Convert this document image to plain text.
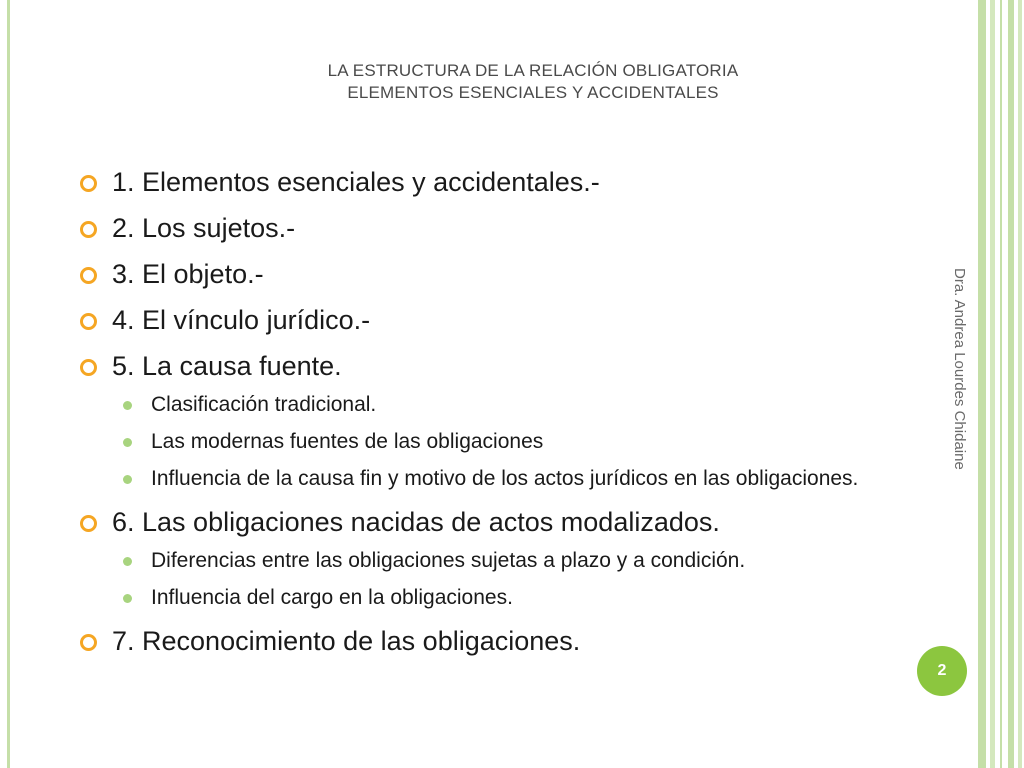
LA ESTRUCTURA DE LA RELACIÓN OBLIGATORIA
ELEMENTOS ESENCIALES Y ACCIDENTALES
1. Elementos esenciales y accidentales.-
2. Los sujetos.-
3. El objeto.-
4. El vínculo jurídico.-
5. La causa fuente.
Clasificación tradicional.
Las modernas fuentes de las obligaciones
Influencia de la causa fin y motivo de los actos jurídicos en las obligaciones.
6. Las obligaciones nacidas de actos modalizados.
Diferencias entre las obligaciones sujetas a plazo y a condición.
Influencia del cargo en la obligaciones.
7. Reconocimiento de las obligaciones.
Dra. Andrea Lourdes Chidaine
2
